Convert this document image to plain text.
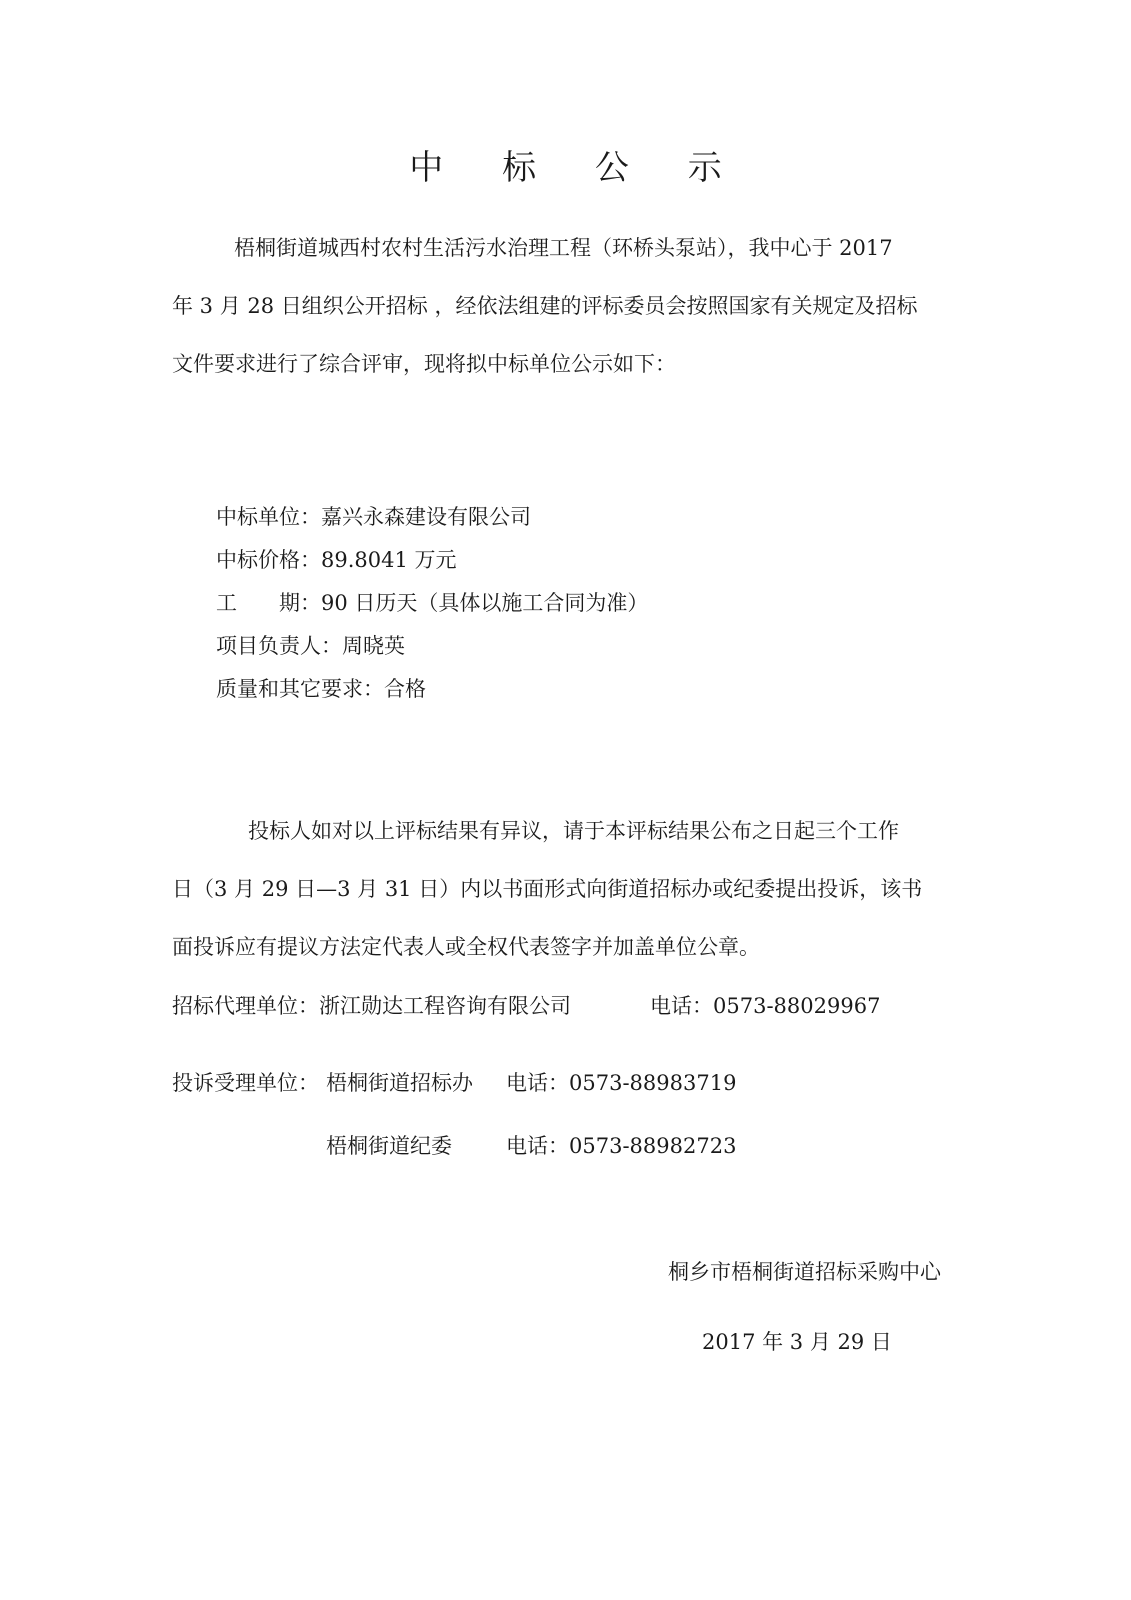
中 标 公 示
梧桐街道城西村农村生活污水治理工程（环桥头泵站），我中心于 2017
年 3 月 28 日组织公开招标 ，经依法组建的评标委员会按照国家有关规定及招标
文件要求进行了综合评审，现将拟中标单位公示如下：
中标单位：嘉兴永森建设有限公司
中标价格：89.8041 万元
工　　期：90 日历天（具体以施工合同为准）
项目负责人：周晓英
质量和其它要求：合格
投标人如对以上评标结果有异议，请于本评标结果公布之日起三个工作
日（3 月 29 日—3 月 31 日）内以书面形式向街道招标办或纪委提出投诉，该书
面投诉应有提议方法定代表人或全权代表签字并加盖单位公章。
招标代理单位：浙江勋达工程咨询有限公司	电话：0573-88029967
投诉受理单位： 梧桐街道招标办 电话：0573-88983719
梧桐街道纪委	电话：0573-88982723
桐乡市梧桐街道招标采购中心
2017 年 3 月 29 日
